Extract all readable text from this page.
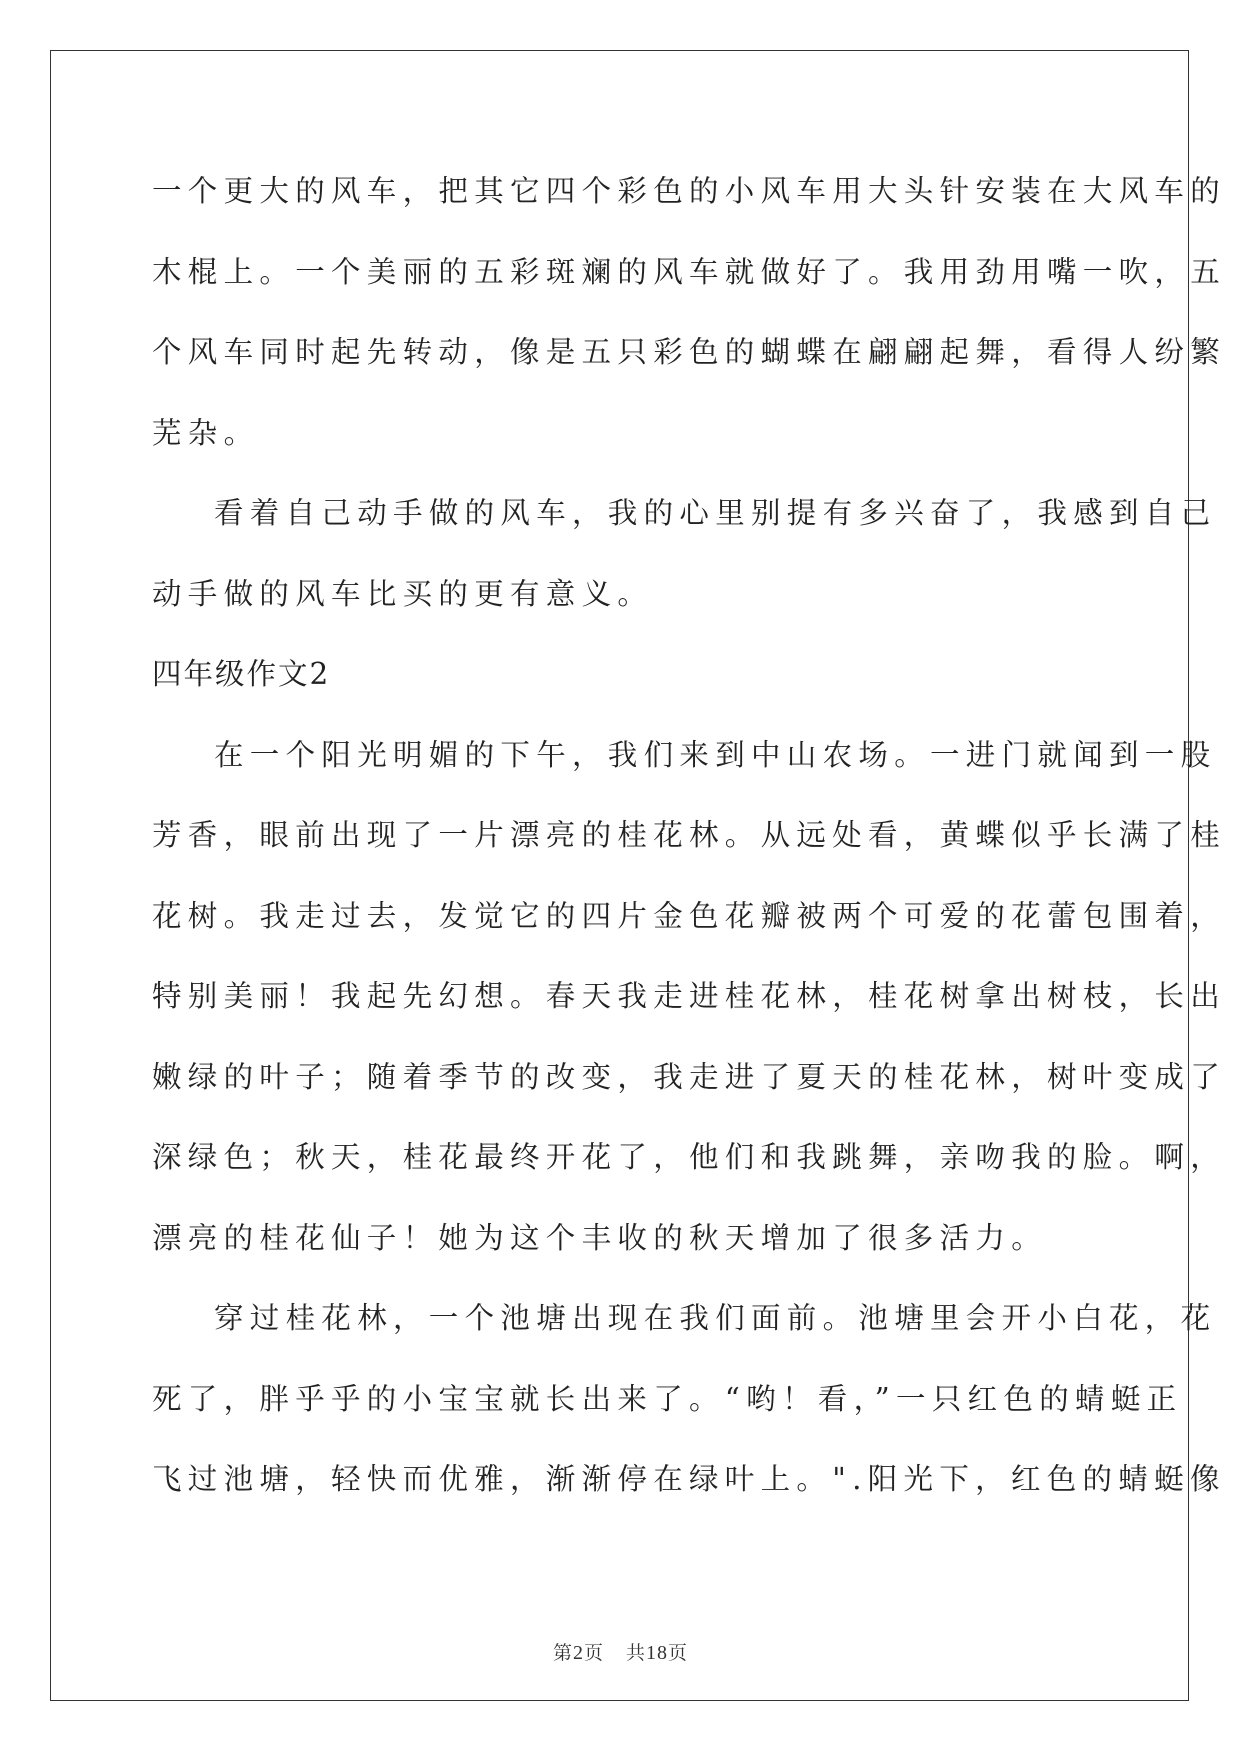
一个更大的风车，把其它四个彩色的小风车用大头针安装在大风车的
木棍上。一个美丽的五彩斑斓的风车就做好了。我用劲用嘴一吹，五
个风车同时起先转动，像是五只彩色的蝴蝶在翩翩起舞，看得人纷繁
芜杂。
看着自己动手做的风车，我的心里别提有多兴奋了，我感到自己
动手做的风车比买的更有意义。
四年级作文2
在一个阳光明媚的下午，我们来到中山农场。一进门就闻到一股
芳香，眼前出现了一片漂亮的桂花林。从远处看，黄蝶似乎长满了桂
花树。我走过去，发觉它的四片金色花瓣被两个可爱的花蕾包围着，
特别美丽！我起先幻想。春天我走进桂花林，桂花树拿出树枝，长出
嫩绿的叶子；随着季节的改变，我走进了夏天的桂花林，树叶变成了
深绿色；秋天，桂花最终开花了，他们和我跳舞，亲吻我的脸。啊，
漂亮的桂花仙子！她为这个丰收的秋天增加了很多活力。
穿过桂花林，一个池塘出现在我们面前。池塘里会开小白花，花
死了，胖乎乎的小宝宝就长出来了。“哟！看，”一只红色的蜻蜓正
飞过池塘，轻快而优雅，渐渐停在绿叶上。".阳光下，红色的蜻蜓像
第2页 共18页
